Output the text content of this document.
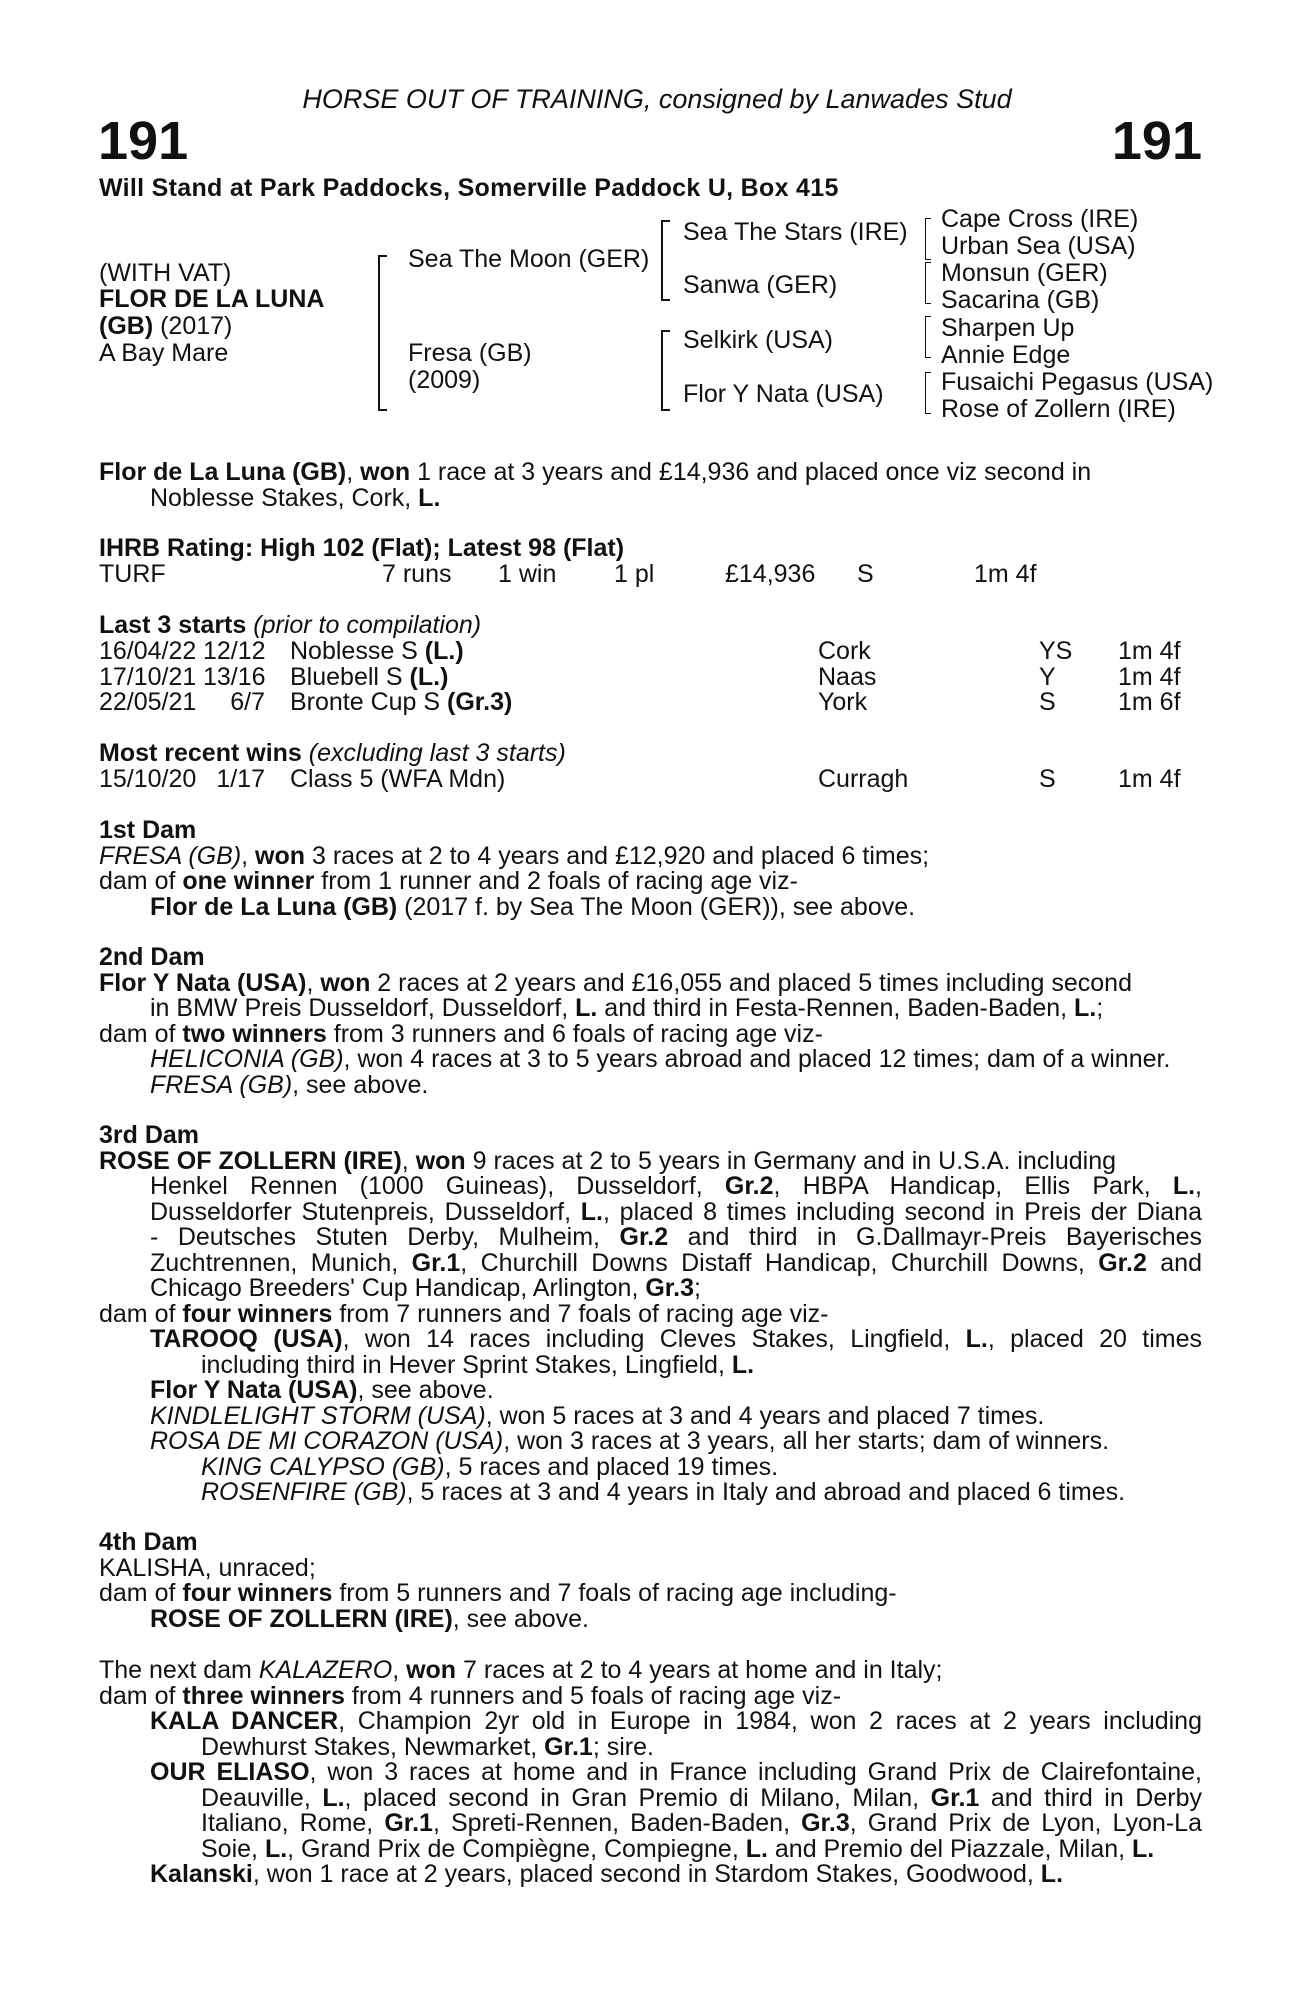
HORSE OUT OF TRAINING, consigned by Lanwades Stud
191	191
Will Stand at Park Paddocks, Somerville Paddock U, Box 415
(WITH VAT)
FLOR DE LA LUNA
(GB) (2017)
A Bay Mare
Sea The Moon (GER)
Fresa (GB)
(2009)
Sea The Stars (IRE)
Sanwa (GER)
Selkirk (USA)
Flor Y Nata (USA)
Cape Cross (IRE)
Urban Sea (USA)
Monsun (GER)
Sacarina (GB)
Sharpen Up
Annie Edge
Fusaichi Pegasus (USA)
Rose of Zollern (IRE)

Flor de La Luna (GB), won 1 race at 3 years and £14,936 and placed once viz second in

Noblesse Stakes, Cork, L.

IHRB Rating: High 102 (Flat); Latest 98 (Flat)
TURF	7 runs 1 win 1 pl	£14,936 S	1m 4f
Last 3 starts (prior to compilation)
16/04/22 12/12 Noblesse S (L.)	Cork	YS 1m 4f
17/10/21 13/16 Bluebell S (L.)	Naas	Y 1m 4f
22/05/21	6/7 Bronte Cup S (Gr.3)	York	S 1m 6f
Most recent wins (excluding last 3 starts)
15/10/20 1/17 Class 5 (WFA Mdn)	Curragh	S 1m 4f

1st Dam

FRESA (GB), won 3 races at 2 to 4 years and £12,920 and placed 6 times;

dam of one winner from 1 runner and 2 foals of racing age viz-

Flor de La Luna (GB) (2017 f. by Sea The Moon (GER)), see above.

2nd Dam

Flor Y Nata (USA), won 2 races at 2 years and £16,055 and placed 5 times including second

in BMW Preis Dusseldorf, Dusseldorf, L. and third in Festa-Rennen, Baden-Baden, L.;

dam of two winners from 3 runners and 6 foals of racing age viz-

HELICONIA (GB), won 4 races at 3 to 5 years abroad and placed 12 times; dam of a winner.

FRESA (GB), see above.

3rd Dam

ROSE OF ZOLLERN (IRE), won 9 races at 2 to 5 years in Germany and in U.S.A. including

Henkel Rennen (1000 Guineas), Dusseldorf, Gr.2, HBPA Handicap, Ellis Park, L.,

Dusseldorfer Stutenpreis, Dusseldorf, L., placed 8 times including second in Preis der Diana

- Deutsches Stuten Derby, Mulheim, Gr.2 and third in G.Dallmayr-Preis Bayerisches

Zuchtrennen, Munich, Gr.1, Churchill Downs Distaff Handicap, Churchill Downs, Gr.2 and

Chicago Breeders' Cup Handicap, Arlington, Gr.3;

dam of four winners from 7 runners and 7 foals of racing age viz-

TAROOQ (USA), won 14 races including Cleves Stakes, Lingfield, L., placed 20 times

including third in Hever Sprint Stakes, Lingfield, L.

Flor Y Nata (USA), see above.

KINDLELIGHT STORM (USA), won 5 races at 3 and 4 years and placed 7 times.

ROSA DE MI CORAZON (USA), won 3 races at 3 years, all her starts; dam of winners.

KING CALYPSO (GB), 5 races and placed 19 times.

ROSENFIRE (GB), 5 races at 3 and 4 years in Italy and abroad and placed 6 times.

4th Dam

KALISHA, unraced;

dam of four winners from 5 runners and 7 foals of racing age including-

ROSE OF ZOLLERN (IRE), see above.

The next dam KALAZERO, won 7 races at 2 to 4 years at home and in Italy;

dam of three winners from 4 runners and 5 foals of racing age viz-

KALA DANCER, Champion 2yr old in Europe in 1984, won 2 races at 2 years including

Dewhurst Stakes, Newmarket, Gr.1; sire.

OUR ELIASO, won 3 races at home and in France including Grand Prix de Clairefontaine,

Deauville, L., placed second in Gran Premio di Milano, Milan, Gr.1 and third in Derby

Italiano, Rome, Gr.1, Spreti-Rennen, Baden-Baden, Gr.3, Grand Prix de Lyon, Lyon-La

Soie, L., Grand Prix de Compiègne, Compiegne, L. and Premio del Piazzale, Milan, L.

Kalanski, won 1 race at 2 years, placed second in Stardom Stakes, Goodwood, L.
